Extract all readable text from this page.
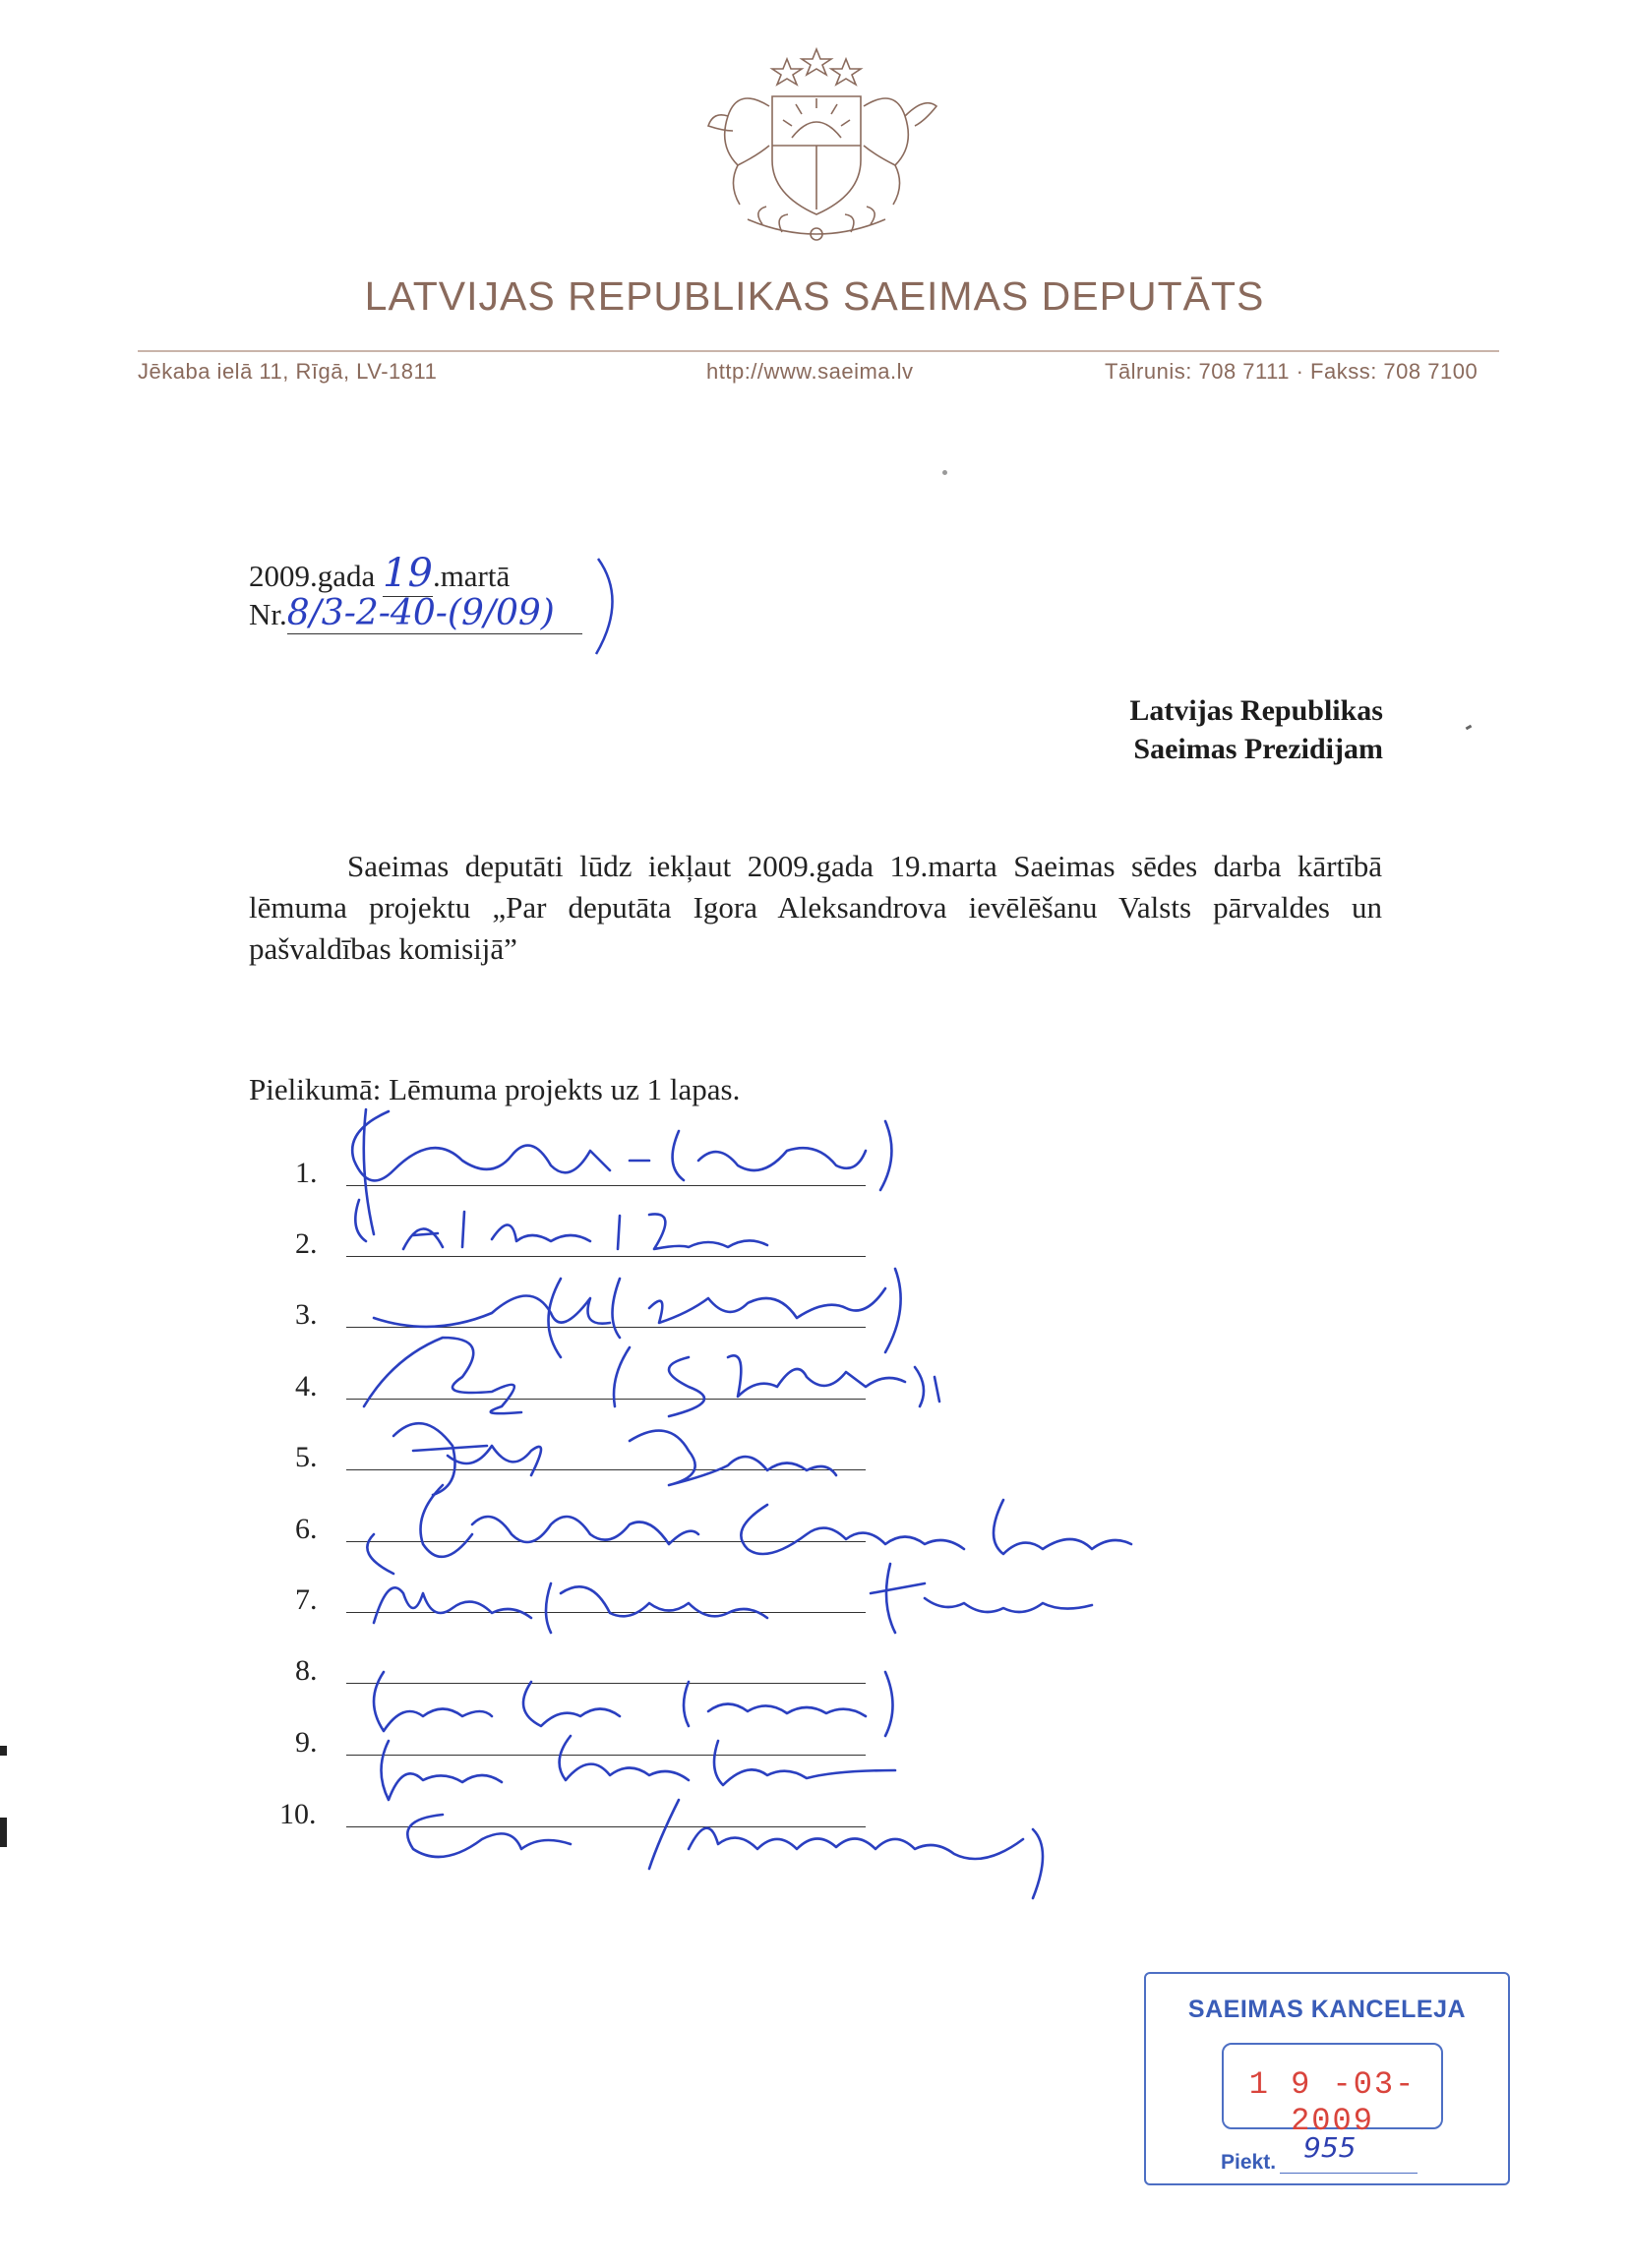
LATVIJAS REPUBLIKAS SAEIMAS DEPUTĀTS
Jēkaba ielā 11, Rīgā, LV-1811	http://www.saeima.lv	Tālrunis: 708 7111 · Fakss: 708 7100
2009.gada 19.martā
Nr.8/3-2-40-(9/09)
Latvijas Republikas
Saeimas Prezidijam
Saeimas deputāti lūdz iekļaut 2009.gada 19.marta Saeimas sēdes darba kārtībā lēmuma projektu „Par deputāta Igora Aleksandrova ievēlēšanu Valsts pārvaldes un pašvaldības komisijā”
Pielikumā: Lēmuma projekts uz 1 lapas.
1.
2.
3.
4.
5.
6.
7.
8.
9.
10.
SAEIMAS KANCELEJA
1 9 -03- 2009
Piekt. 955
